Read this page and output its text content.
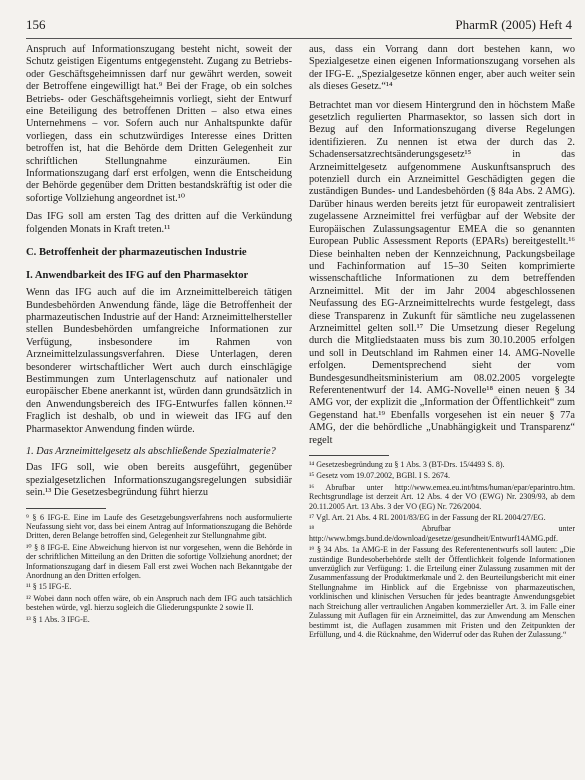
156	PharmR (2005) Heft 4

Anspruch auf Informationszugang besteht nicht, soweit der Schutz geistigen Eigentums entgegensteht. Zugang zu Betriebs- oder Geschäftsgeheimnissen darf nur gewährt werden, soweit der Betroffene eingewilligt hat.⁹ Bei der Frage, ob ein solches Betriebs- oder Geschäftsgeheimnis vorliegt, sieht der Entwurf eine Beteiligung des betroffenen Dritten – also etwa eines Unternehmens – vor. Sofern auch nur Anhaltspunkte dafür vorliegen, dass ein schutzwürdiges Interesse eines Dritten betroffen ist, hat die Behörde dem Dritten Gelegenheit zur schriftlichen Stellungnahme einzuräumen. Ein Informationszugang darf erst erfolgen, wenn die Entscheidung der Behörde gegenüber dem Dritten bestandskräftig ist oder die sofortige Vollziehung angeordnet ist.¹⁰

Das IFG soll am ersten Tag des dritten auf die Verkündung folgenden Monats in Kraft treten.¹¹

C. Betroffenheit der pharmazeutischen Industrie
I. Anwendbarkeit des IFG auf den Pharmasektor

Wenn das IFG auch auf die im Arzneimittelbereich tätigen Bundesbehörden Anwendung fände, läge die Betroffenheit der pharmazeutischen Industrie auf der Hand: Arzneimittelhersteller stellen Bundesbehörden umfangreiche Informationen zur Verfügung, insbesondere im Rahmen von Arzneimittelzulassungsverfahren. Diese Unterlagen, deren besonderer wirtschaftlicher Wert auch durch einschlägige Bestimmungen zum Unterlagenschutz auf nationaler und europäischer Ebene anerkannt ist, würden dann grundsätzlich in den Anwendungsbereich des IFG-Entwurfes fallen können.¹² Fraglich ist deshalb, ob und in wieweit das IFG auf den Pharmasektor Anwendung finden würde.

1. Das Arzneimittelgesetz als abschließende Spezialmaterie?

Das IFG soll, wie oben bereits ausgeführt, gegenüber spezialgesetzlichen Informationszugangsregelungen subsidiär sein.¹³ Die Gesetzesbegründung führt hierzu

⁹ § 6 IFG-E. Eine im Laufe des Gesetzgebungsverfahrens noch ausformulierte Neufassung sieht vor, dass bei einem Antrag auf Informationszugang die Behörde Dritten, deren Belange betroffen sind, Gelegenheit zur Stellungnahme gibt.

¹⁰ § 8 IFG-E. Eine Abweichung hiervon ist nur vorgesehen, wenn die Behörde in der schriftlichen Mitteilung an den Dritten die sofortige Vollziehung anordnet; der Informationszugang darf in diesem Fall erst zwei Wochen nach Bekanntgabe der Anordnung an den Dritten erfolgen.

¹¹ § 15 IFG-E.

¹² Wobei dann noch offen wäre, ob ein Anspruch nach dem IFG auch tatsächlich bestehen würde, vgl. hierzu sogleich die Gliederungspunkte 2 sowie II.

¹³ § 1 Abs. 3 IFG-E.

aus, dass ein Vorrang dann dort bestehen kann, wo Spezialgesetze einen eigenen Informationszugang vorsehen als der IFG-E. „Spezialgesetze können enger, aber auch weiter sein als dieses Gesetz.“¹⁴

Betrachtet man vor diesem Hintergrund den in höchstem Maße gesetzlich regulierten Pharmasektor, so lassen sich dort in Bezug auf den Informationszugang diverse Regelungen identifizieren. Zu nennen ist etwa der durch das 2. Schadensersatzrechtsänderungsgesetz¹⁵ in das Arzneimittelgesetz aufgenommene Auskunftsanspruch des potenziell durch ein Arzneimittel Geschädigten gegen die zuständigen Bundes- und Landesbehörden (§ 84a Abs. 2 AMG). Darüber hinaus werden bereits jetzt für europaweit zentralisiert zugelassene Arzneimittel frei verfügbar auf der Website der Europäischen Zulassungsagentur EMEA die so genannten European Public Assessment Reports (EPARs) bereitgestellt.¹⁶ Diese beinhalten neben der Kennzeichnung, Packungsbeilage und Fachinformation auf 15–30 Seiten komprimierte wissenschaftliche Informationen zu dem betreffenden Arzneimittel. Mit der im Jahr 2004 abgeschlossenen Neufassung des EG-Arzneimittelrechts wurde festgelegt, dass diese Transparenz in Zukunft für sämtliche neu zugelassenen Arzneimittel gelten soll.¹⁷ Die Umsetzung dieser Regelung durch die Mitgliedstaaten muss bis zum 30.10.2005 erfolgen und soll in Deutschland im Rahmen einer 14. AMG-Novelle erfolgen. Dementsprechend sieht der vom Bundesgesundheitsministerium am 08.02.2005 vorgelegte Referentenentwurf der 14. AMG-Novelle¹⁸ einen neuen § 34 AMG vor, der explizit die „Information der Öffentlichkeit“ zum Gegenstand hat.¹⁹ Ebenfalls vorgesehen ist ein neuer § 77a AMG, der die behördliche „Unabhängigkeit und Transparenz“ regelt

¹⁴ Gesetzesbegründung zu § 1 Abs. 3 (BT-Drs. 15/4493 S. 8).

¹⁵ Gesetz vom 19.07.2002, BGBl. I S. 2674.

¹⁶ Abrufbar unter http://www.emea.eu.int/htms/human/epar/eparintro.htm. Rechtsgrundlage ist derzeit Art. 12 Abs. 4 der VO (EWG) Nr. 2309/93, ab dem 20.11.2005 Art. 13 Abs. 3 der VO (EG) Nr. 726/2004.

¹⁷ Vgl. Art. 21 Abs. 4 RL 2001/83/EG in der Fassung der RL 2004/27/EG.

¹⁸ Abrufbar unter http://www.bmgs.bund.de/download/gesetze/gesundheit/Entwurf14AMG.pdf.

¹⁹ § 34 Abs. 1a AMG-E in der Fassung des Referentenentwurfs soll lauten: „Die zuständige Bundesoberbehörde stellt der Öffentlichkeit folgende Informationen unverzüglich zur Verfügung: 1. die Erteilung einer Zulassung zusammen mit der Zusammenfassung der Produktmerkmale und 2. den Beurteilungsbericht mit einer Stellungnahme im Hinblick auf die Ergebnisse von pharmazeutischen, vorklinischen und klinischen Versuchen für jedes beantragte Anwendungsgebiet nach Streichung aller vertraulichen Angaben kommerzieller Art. 3. im Falle einer Zulassung mit Auflagen für ein Arzneimittel, das zur Anwendung am Menschen bestimmt ist, die Auflagen zusammen mit Fristen und den Zeitpunkten der Erfüllung, und 4. die Rücknahme, den Widerruf oder das Ruhen der Zulassung.“
